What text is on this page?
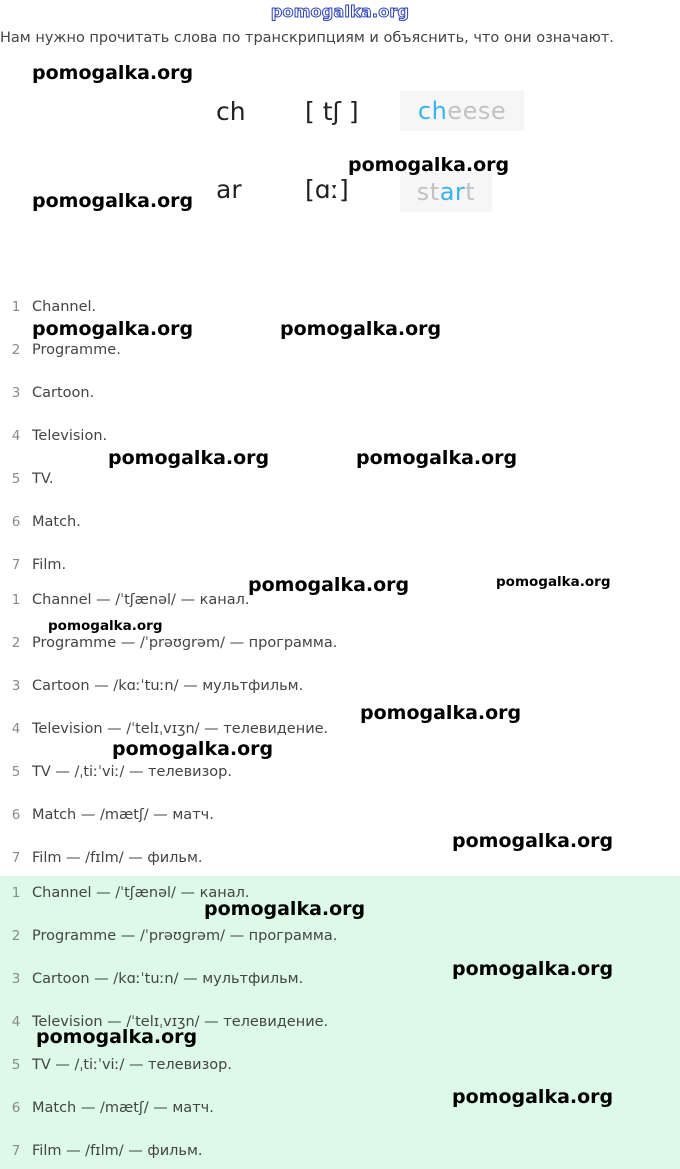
pomogalka.org
Нам нужно прочитать слова по транскрипциям и объяснить, что они означают.
ch [ tʃ ]	cheese
ar	[ɑː]	start
1 Channel.
2 Programme.
3 Cartoon.
4 Television.
5 TV.
6 Match.
7 Film.
1 Channel — /ˈtʃænəl/ — канал.
2 Programme — /ˈprəʊɡrəm/ — программа.
3 Cartoon — /kɑːˈtuːn/ — мультфильм.
4 Television — /ˈtelɪˌvɪʒn/ — телевидение.
5 TV — /ˌtiːˈviː/ — телевизор.
6 Match — /mætʃ/ — матч.
7 Film — /fɪlm/ — фильм.
1 Channel — /ˈtʃænəl/ — канал.
2 Programme — /ˈprəʊɡrəm/ — программа.
3 Cartoon — /kɑːˈtuːn/ — мультфильм.
4 Television — /ˈtelɪˌvɪʒn/ — телевидение.
5 TV — /ˌtiːˈviː/ — телевизор.
6 Match — /mætʃ/ — матч.
7 Film — /fɪlm/ — фильм.
pomogalka.org
pomogalka.org
pomogalka.org
pomogalka.org	pomogalka.org
pomogalka.org	pomogalka.org
pomogalka.org	pomogalka.org
pomogalka.org
pomogalka.org
pomogalka.org
pomogalka.org
pomogalka.org
pomogalka.org
pomogalka.org
pomogalka.org
